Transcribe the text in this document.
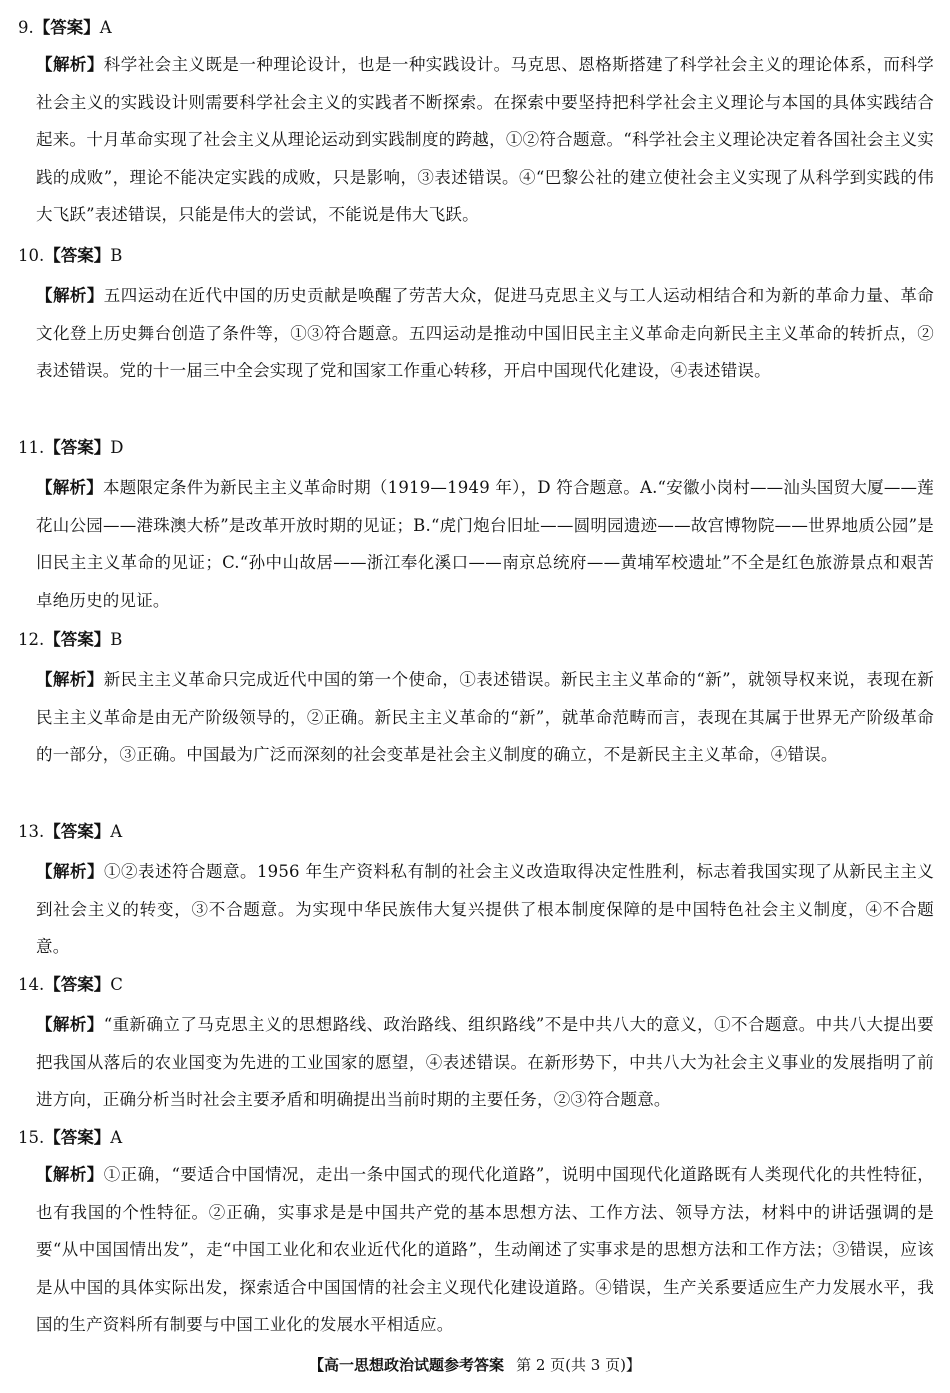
9.【答案】A
【解析】科学社会主义既是一种理论设计，也是一种实践设计。马克思、恩格斯搭建了科学社会主义的理论体系，而科学社会主义的实践设计则需要科学社会主义的实践者不断探索。在探索中要坚持把科学社会主义理论与本国的具体实践结合起来。十月革命实现了社会主义从理论运动到实践制度的跨越，①②符合题意。“科学社会主义理论决定着各国社会主义实践的成败”，理论不能决定实践的成败，只是影响，③表述错误。④“巴黎公社的建立使社会主义实现了从科学到实践的伟大飞跃”表述错误，只能是伟大的尝试，不能说是伟大飞跃。
10.【答案】B
【解析】五四运动在近代中国的历史贡献是唤醒了劳苦大众，促进马克思主义与工人运动相结合和为新的革命力量、革命文化登上历史舞台创造了条件等，①③符合题意。五四运动是推动中国旧民主主义革命走向新民主主义革命的转折点，②表述错误。党的十一届三中全会实现了党和国家工作重心转移，开启中国现代化建设，④表述错误。
11.【答案】D
【解析】本题限定条件为新民主主义革命时期（1919—1949 年），D 符合题意。A.“安徽小岗村——汕头国贸大厦——莲花山公园——港珠澳大桥”是改革开放时期的见证；B.“虎门炮台旧址——圆明园遗迹——故宫博物院——世界地质公园”是旧民主主义革命的见证；C.“孙中山故居——浙江奉化溪口——南京总统府——黄埔军校遗址”不全是红色旅游景点和艰苦卓绝历史的见证。
12.【答案】B
【解析】新民主主义革命只完成近代中国的第一个使命，①表述错误。新民主主义革命的“新”，就领导权来说，表现在新民主主义革命是由无产阶级领导的，②正确。新民主主义革命的“新”，就革命范畴而言，表现在其属于世界无产阶级革命的一部分，③正确。中国最为广泛而深刻的社会变革是社会主义制度的确立，不是新民主主义革命，④错误。
13.【答案】A
【解析】①②表述符合题意。1956 年生产资料私有制的社会主义改造取得决定性胜利，标志着我国实现了从新民主主义到社会主义的转变，③不合题意。为实现中华民族伟大复兴提供了根本制度保障的是中国特色社会主义制度，④不合题意。
14.【答案】C
【解析】“重新确立了马克思主义的思想路线、政治路线、组织路线”不是中共八大的意义，①不合题意。中共八大提出要把我国从落后的农业国变为先进的工业国家的愿望，④表述错误。在新形势下，中共八大为社会主义事业的发展指明了前进方向，正确分析当时社会主要矛盾和明确提出当前时期的主要任务，②③符合题意。
15.【答案】A
【解析】①正确，“要适合中国情况，走出一条中国式的现代化道路”，说明中国现代化道路既有人类现代化的共性特征，也有我国的个性特征。②正确，实事求是是中国共产党的基本思想方法、工作方法、领导方法，材料中的讲话强调的是要“从中国国情出发”，走“中国工业化和农业近代化的道路”，生动阐述了实事求是的思想方法和工作方法；③错误，应该是从中国的具体实际出发，探索适合中国国情的社会主义现代化建设道路。④错误，生产关系要适应生产力发展水平，我国的生产资料所有制要与中国工业化的发展水平相适应。
【高一思想政治试题参考答案 第 2 页(共 3 页)】
